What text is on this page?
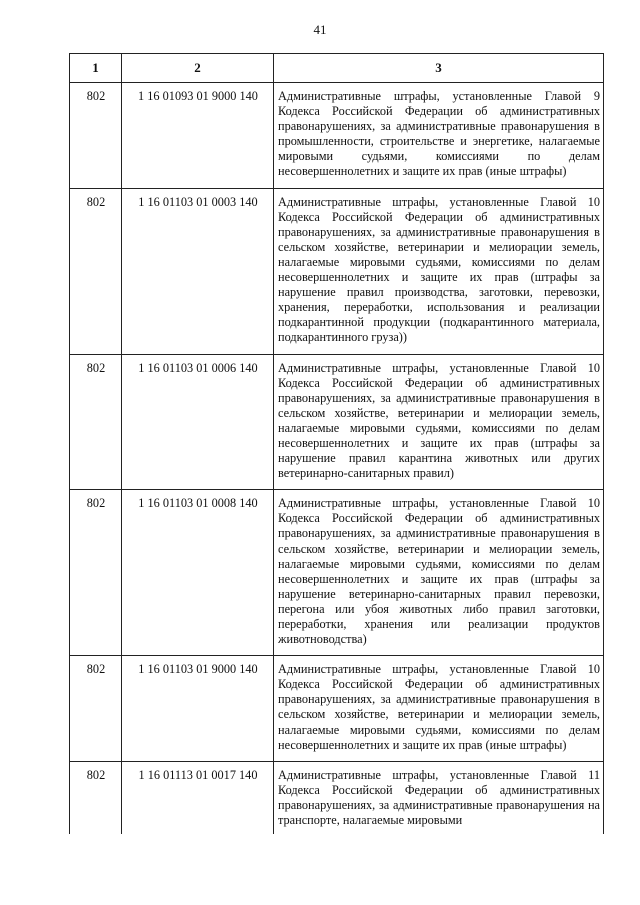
41
1	2	3
802	1 16 01093 01 9000 140	Административные штрафы, установленные Главой 9 Кодекса Российской Федерации об административных правонарушениях, за административные правонарушения в промышленности, строительстве и энергетике, налагаемые мировыми судьями, комиссиями по делам несовершеннолетних и защите их прав (иные штрафы)
802	1 16 01103 01 0003 140	Административные штрафы, установленные Главой 10 Кодекса Российской Федерации об административных правонарушениях, за административные правонарушения в сельском хозяйстве, ветеринарии и мелиорации земель, налагаемые мировыми судьями, комиссиями по делам несовершеннолетних и защите их прав (штрафы за нарушение правил производства, заготовки, перевозки, хранения, переработки, использования и реализации подкарантинной продукции (подкарантинного материала, подкарантинного груза))
802	1 16 01103 01 0006 140	Административные штрафы, установленные Главой 10 Кодекса Российской Федерации об административных правонарушениях, за административные правонарушения в сельском хозяйстве, ветеринарии и мелиорации земель, налагаемые мировыми судьями, комиссиями по делам несовершеннолетних и защите их прав (штрафы за нарушение правил карантина животных или других ветеринарно-санитарных правил)
802	1 16 01103 01 0008 140	Административные штрафы, установленные Главой 10 Кодекса Российской Федерации об административных правонарушениях, за административные правонарушения в сельском хозяйстве, ветеринарии и мелиорации земель, налагаемые мировыми судьями, комиссиями по делам несовершеннолетних и защите их прав (штрафы за нарушение ветеринарно-санитарных правил перевозки, перегона или убоя животных либо правил заготовки, переработки, хранения или реализации продуктов животноводства)
802	1 16 01103 01 9000 140	Административные штрафы, установленные Главой 10 Кодекса Российской Федерации об административных правонарушениях, за административные правонарушения в сельском хозяйстве, ветеринарии и мелиорации земель, налагаемые мировыми судьями, комиссиями по делам несовершеннолетних и защите их прав (иные штрафы)
802	1 16 01113 01 0017 140	Административные штрафы, установленные Главой 11 Кодекса Российской Федерации об административных правонарушениях, за административные правонарушения на транспорте, налагаемые мировыми
